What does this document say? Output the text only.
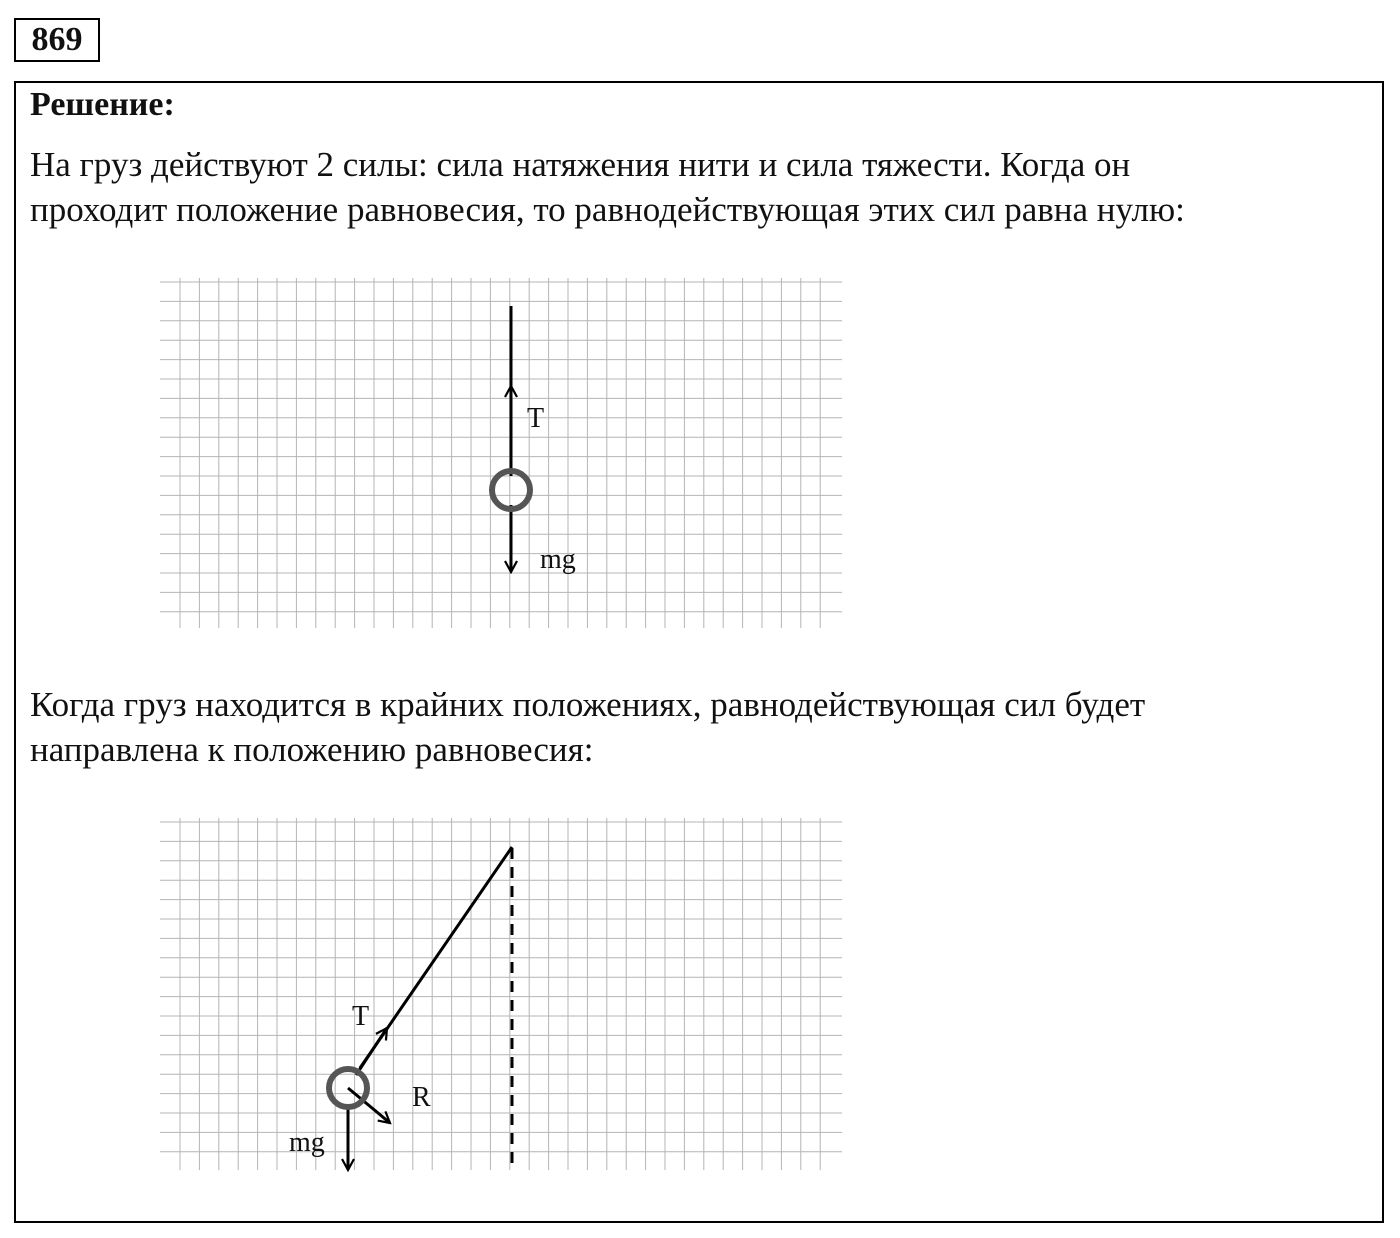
869

Решение:

На груз действуют 2 силы: сила натяжения нити и сила тяжести. Когда он
проходит положение равновесия, то равнодействующая этих сил равна нулю:

Когда груз находится в крайних положениях, равнодействующая сил будет
направлена к положению равновесия:

T
mg
T
R
mg
